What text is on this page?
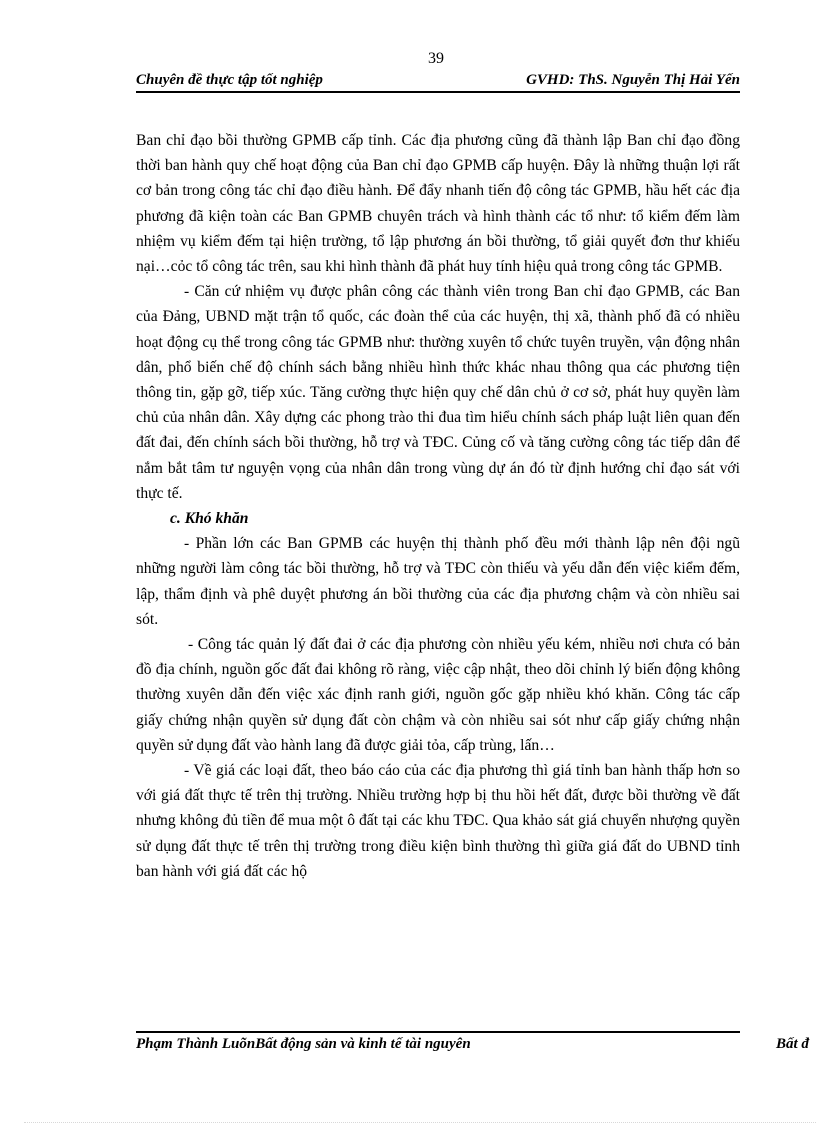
39
Chuyên đề thực tập tốt nghiệp	GVHD: ThS. Nguyễn Thị Hải Yến

Ban chỉ đạo bồi thường GPMB cấp tỉnh. Các địa phương cũng đã thành lập Ban chỉ đạo đồng thời ban hành quy chế hoạt động của Ban chỉ đạo GPMB cấp huyện. Đây là những thuận lợi rất cơ bản trong công tác chỉ đạo điều hành. Để đẩy nhanh tiến độ công tác GPMB, hầu hết các địa phương đã kiện toàn các Ban GPMB chuyên trách và hình thành các tổ như: tổ kiểm đếm làm nhiệm vụ kiểm đếm tại hiện trường, tổ lập phương án bồi thường, tổ giải quyết đơn thư khiếu nại…cỏc tổ công tác trên, sau khi hình thành đã phát huy tính hiệu quả trong công tác GPMB.

- Căn cứ nhiệm vụ được phân công các thành viên trong Ban chỉ đạo GPMB, các Ban của Đảng, UBND mặt trận tổ quốc, các đoàn thể của các huyện, thị xã, thành phố đã có nhiều hoạt động cụ thể trong công tác GPMB như: thường xuyên tổ chức tuyên truyền, vận động nhân dân, phổ biến chế độ chính sách bằng nhiều hình thức khác nhau thông qua các phương tiện thông tin, gặp gỡ, tiếp xúc. Tăng cường thực hiện quy chế dân chủ ở cơ sở, phát huy quyền làm chủ của nhân dân. Xây dựng các phong trào thi đua tìm hiểu chính sách pháp luật liên quan đến đất đai, đến chính sách bồi thường, hỗ trợ và TĐC. Củng cố và tăng cường công tác tiếp dân để nắm bắt tâm tư nguyện vọng của nhân dân trong vùng dự án đó từ định hướng chỉ đạo sát với thực tế.

c. Khó khăn

- Phần lớn các Ban GPMB các huyện thị thành phố đều mới thành lập nên đội ngũ những người làm công tác bồi thường, hỗ trợ và TĐC còn thiếu và yếu dẫn đến việc kiểm đếm, lập, thẩm định và phê duyệt phương án bồi thường của các địa phương chậm và còn nhiều sai sót.

- Công tác quản lý đất đai ở các địa phương còn nhiều yếu kém, nhiều nơi chưa có bản đồ địa chính, nguồn gốc đất đai không rõ ràng, việc cập nhật, theo dõi chỉnh lý biến động không thường xuyên dẫn đến việc xác định ranh giới, nguồn gốc gặp nhiều khó khăn. Công tác cấp giấy chứng nhận quyền sử dụng đất còn chậm và còn nhiều sai sót như cấp giấy chứng nhận quyền sử dụng đất vào hành lang đã được giải tỏa, cấp trùng, lấn…

- Về giá các loại đất, theo báo cáo của các địa phương thì giá tỉnh ban hành thấp hơn so với giá đất thực tế trên thị trường. Nhiều trường hợp bị thu hồi hết đất, được bồi thường về đất nhưng không đủ tiền để mua một ô đất tại các khu TĐC. Qua khảo sát giá chuyển nhượng quyền sử dụng đất thực tế trên thị trường trong điều kiện bình thường thì giữa giá đất do UBND tỉnh ban hành với giá đất các hộ

Phạm Thành LuõnBất động sản và kinh tế tài nguyên	Bất đ
